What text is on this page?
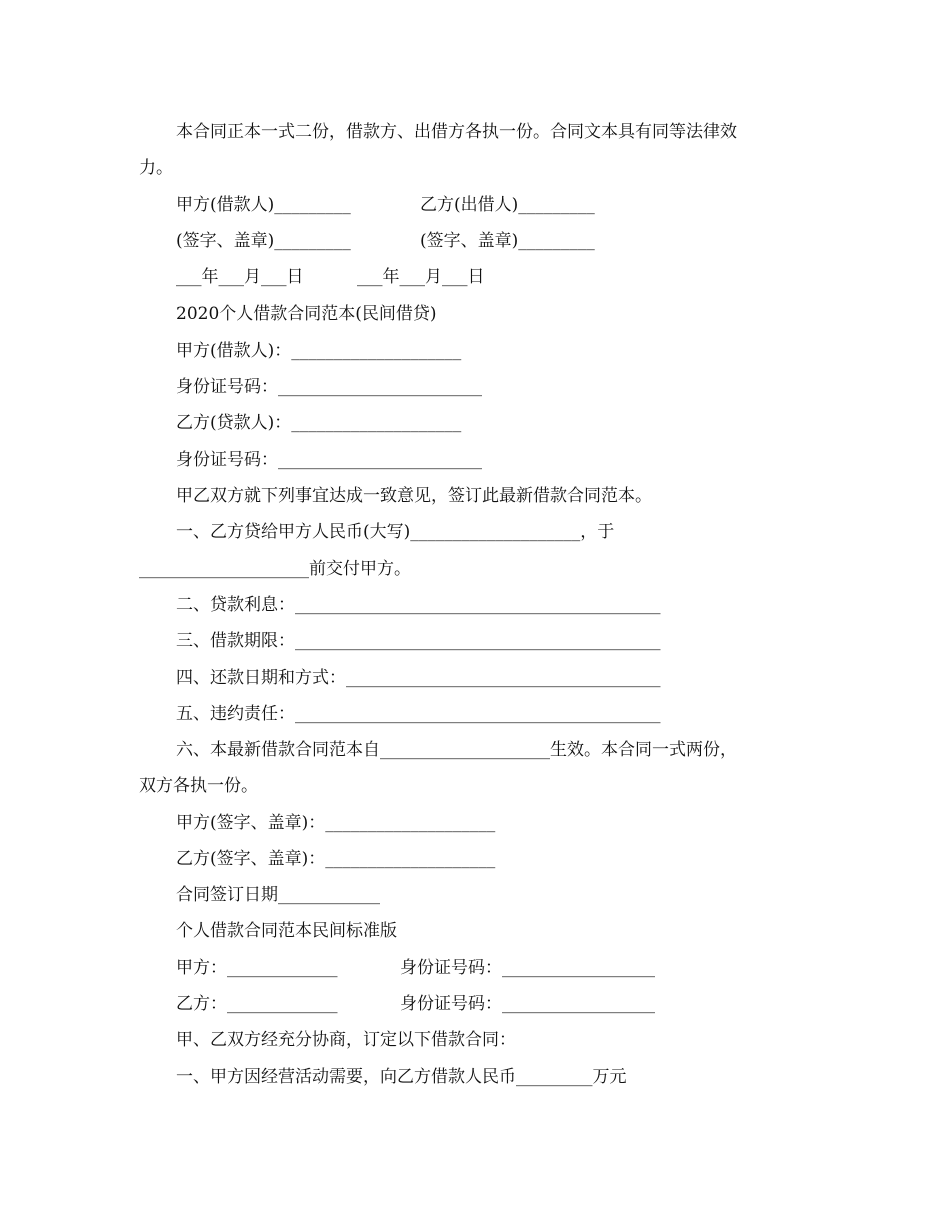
本合同正本一式二份，借款方、出借方各执一份。合同文本具有同等法律效
力。
甲方(借款人)_________	乙方(出借人)_________
(签字、盖章)_________	(签字、盖章)_________
___年___月___日	___年___月___日
2020个人借款合同范本(民间借贷)
甲方(借款人)：____________________
身份证号码：________________________
乙方(贷款人)：____________________
身份证号码：________________________
甲乙双方就下列事宜达成一致意见，签订此最新借款合同范本。
一、乙方贷给甲方人民币(大写)____________________，于
____________________前交付甲方。
二、贷款利息：___________________________________________
三、借款期限：___________________________________________
四、还款日期和方式：_____________________________________
五、违约责任：___________________________________________
六、本最新借款合同范本自____________________生效。本合同一式两份，
双方各执一份。
甲方(签字、盖章)：____________________
乙方(签字、盖章)：____________________
合同签订日期____________
个人借款合同范本民间标准版
甲方：_____________	身份证号码：__________________
乙方：_____________	身份证号码：__________________
甲、乙双方经充分协商，订定以下借款合同：
一、甲方因经营活动需要，向乙方借款人民币_________万元
